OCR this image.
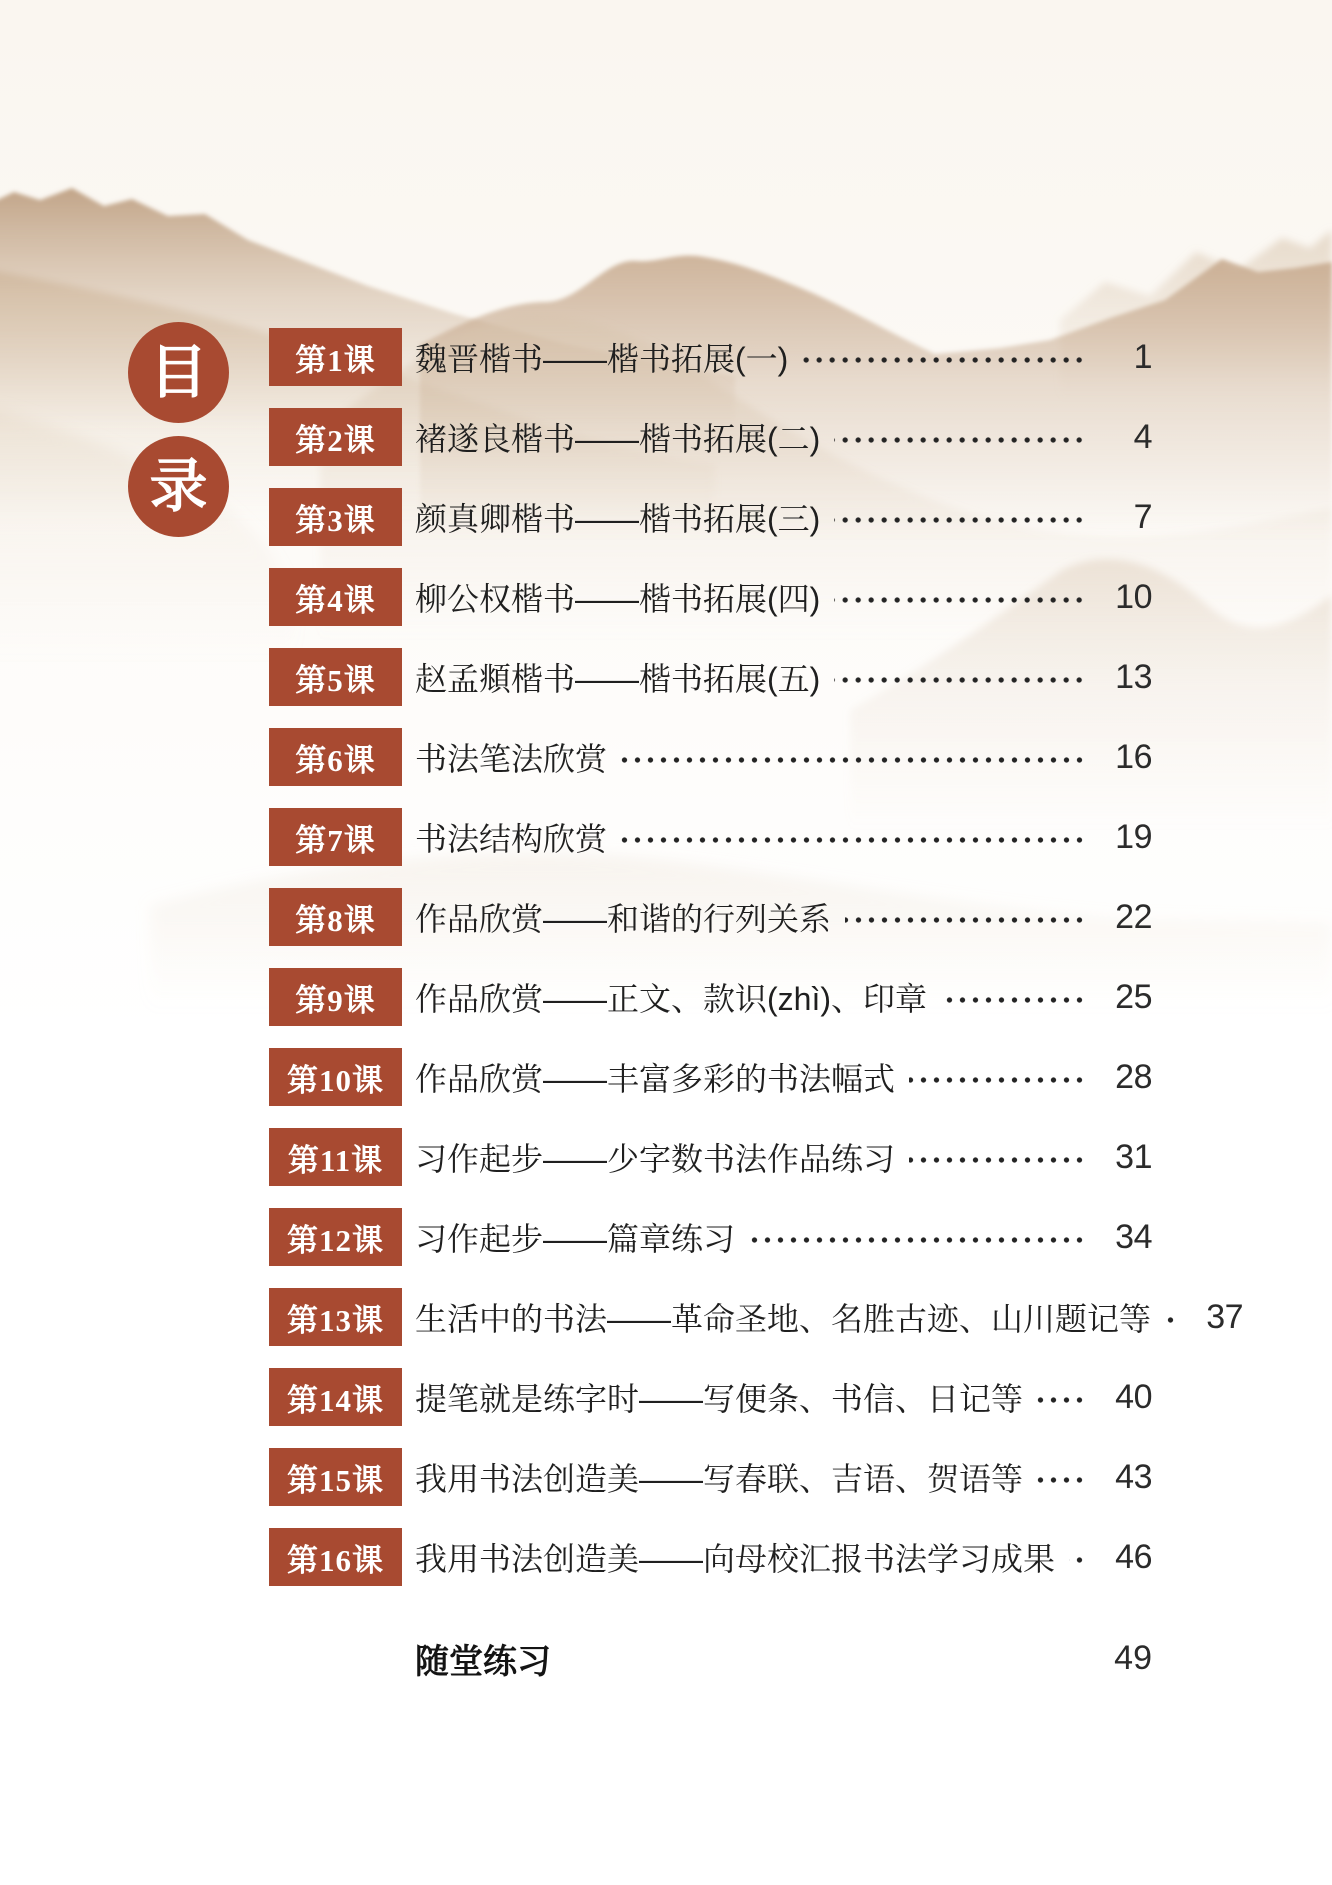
目
录
第1课	魏晋楷书——楷书拓展(一)	1
第2课	褚遂良楷书——楷书拓展(二)	4
第3课	颜真卿楷书——楷书拓展(三)	7
第4课	柳公权楷书——楷书拓展(四)	10
第5课	赵孟頫楷书——楷书拓展(五)	13
第6课	书法笔法欣赏	16
第7课	书法结构欣赏	19
第8课	作品欣赏——和谐的行列关系	22
第9课	作品欣赏——正文、款识(zhì)、印章	25
第10课 作品欣赏——丰富多彩的书法幅式	28
第11课 习作起步——少字数书法作品练习	31
第12课 习作起步——篇章练习	34
第13课 生活中的书法——革命圣地、名胜古迹、山川题记等	37
第14课 提笔就是练字时——写便条、书信、日记等	40
第15课 我用书法创造美——写春联、吉语、贺语等	43
第16课 我用书法创造美——向母校汇报书法学习成果	46
随堂练习	49
